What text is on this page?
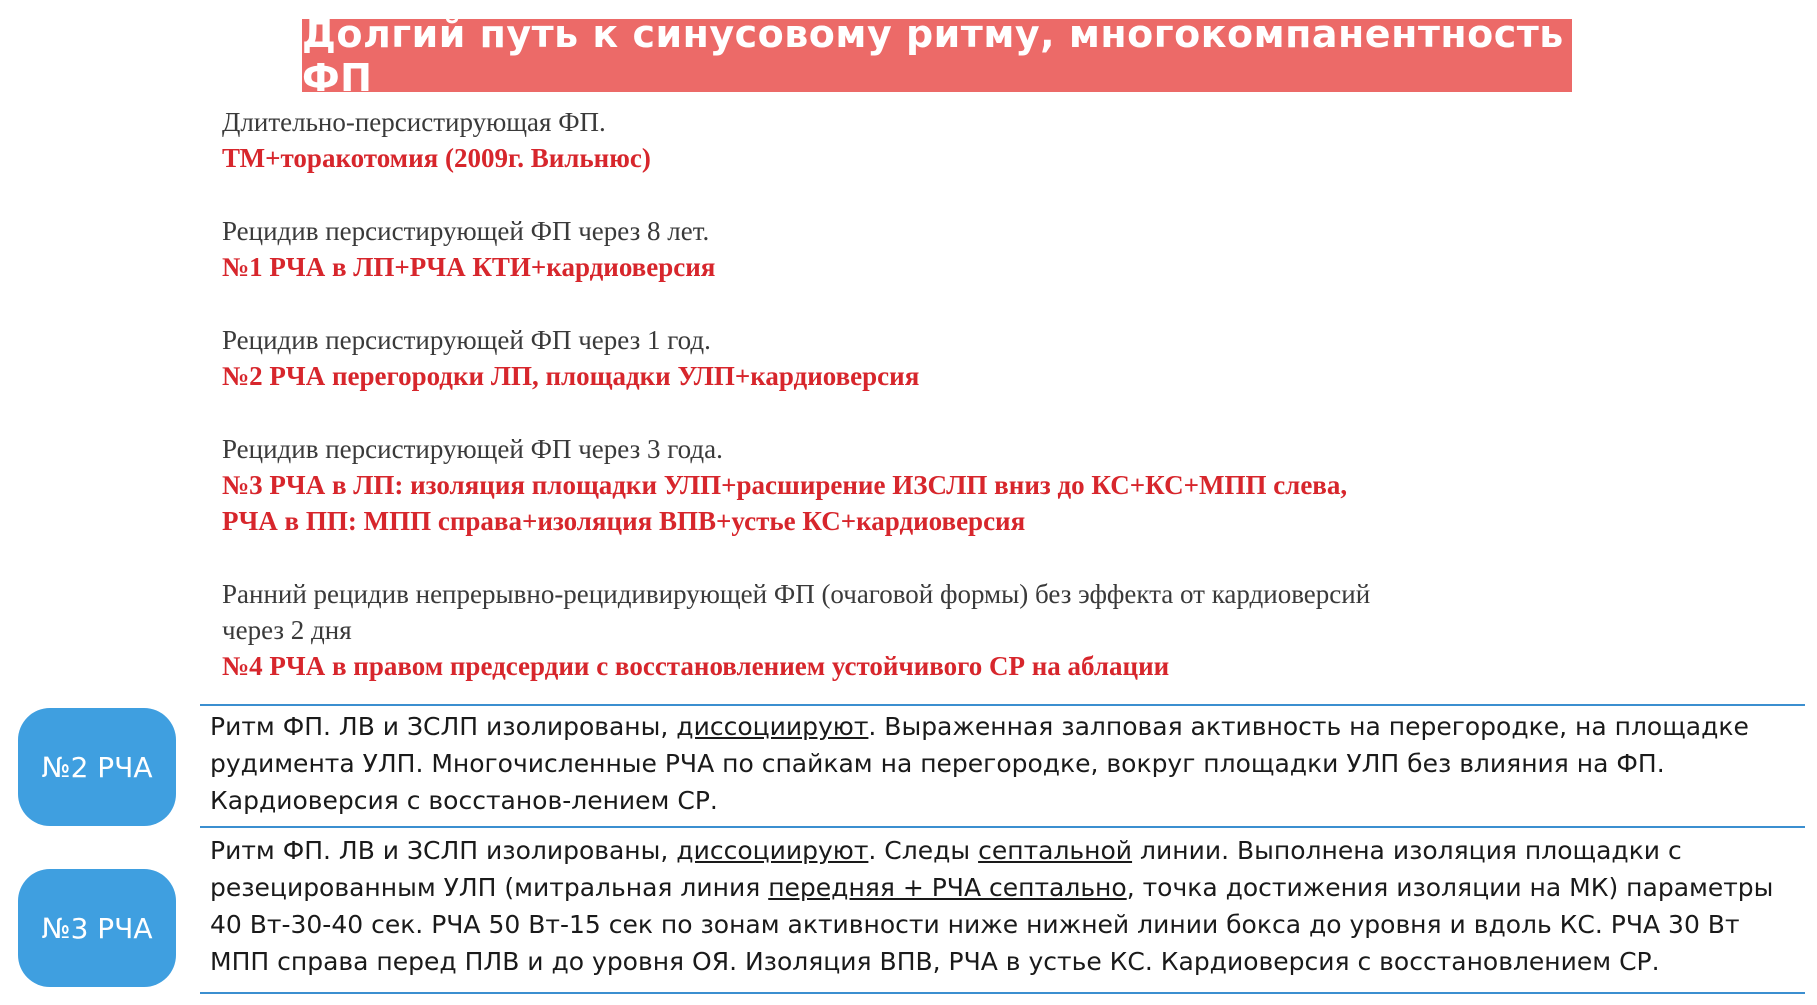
Долгий путь к синусовому ритму, многокомпанентность ФП
Длительно-персистирующая ФП.
ТМ+торакотомия (2009г. Вильнюс)
Рецидив персистирующей ФП через 8 лет.
№1 РЧА в ЛП+РЧА КТИ+кардиоверсия
Рецидив персистирующей ФП через 1 год.
№2 РЧА перегородки ЛП, площадки УЛП+кардиоверсия
Рецидив персистирующей ФП через 3 года.
№3 РЧА в ЛП: изоляция площадки УЛП+расширение ИЗСЛП вниз до КС+КС+МПП слева,
РЧА в ПП: МПП справа+изоляция ВПВ+устье КС+кардиоверсия
Ранний рецидив непрерывно-рецидивирующей ФП (очаговой формы) без эффекта от кардиоверсий
через 2 дня
№4 РЧА в правом предсердии с восстановлением устойчивого СР на аблации
№2 РЧА
Ритм ФП. ЛВ и ЗСЛП изолированы, диссоциируют. Выраженная залповая активность на перегородке, на площадке рудимента УЛП. Многочисленные РЧА по спайкам на перегородке, вокруг площадки УЛП без влияния на ФП. Кардиоверсия с восстанов-лением СР.
№3 РЧА
Ритм ФП. ЛВ и ЗСЛП изолированы, диссоциируют. Следы септальной линии. Выполнена изоляция площадки с резецированным УЛП (митральная линия передняя + РЧА септально, точка достижения изоляции на МК) параметры 40 Вт-30-40 сек. РЧА 50 Вт-15 сек по зонам активности ниже нижней линии бокса до уровня и вдоль КС. РЧА 30 Вт МПП справа перед ПЛВ и до уровня ОЯ. Изоляция ВПВ, РЧА в устье КС. Кардиоверсия с восстановлением СР.
